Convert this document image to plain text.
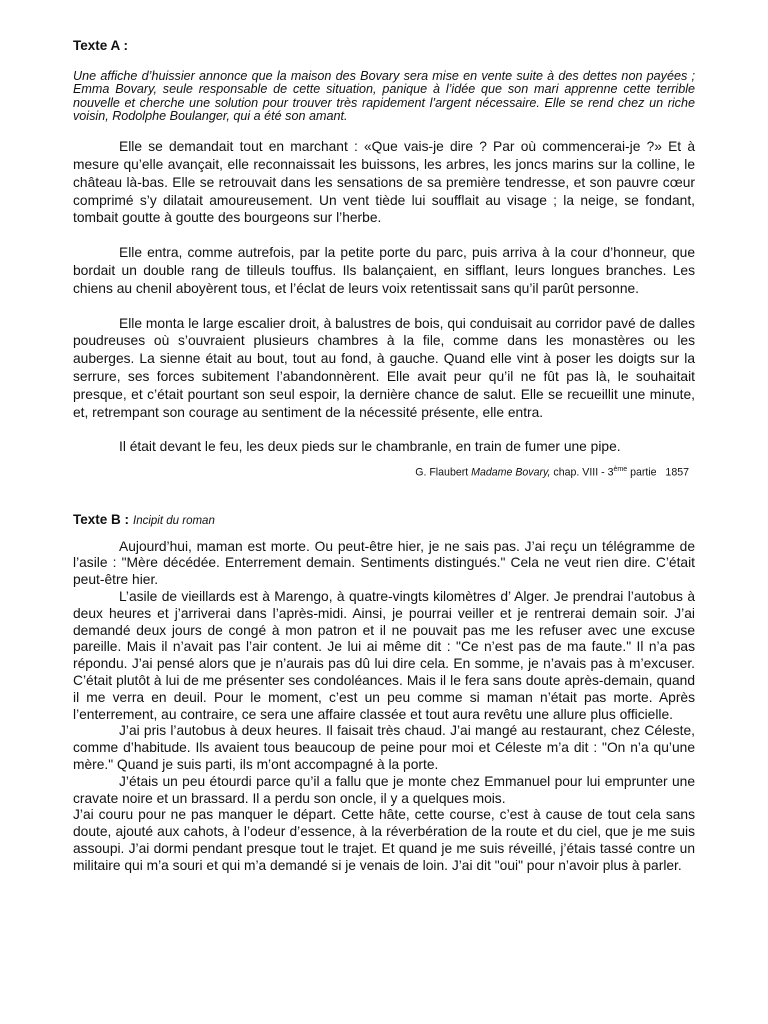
Texte A :

Une affiche d’huissier annonce que la maison des Bovary sera mise en vente suite à des dettes non payées ; Emma Bovary, seule responsable de cette situation, panique à l’idée que son mari apprenne cette terrible nouvelle et cherche une solution pour trouver très rapidement l’argent nécessaire. Elle se rend chez un riche voisin, Rodolphe Boulanger, qui a été son amant.

Elle se demandait tout en marchant : «Que vais-je dire ? Par où commencerai-je ?» Et à mesure qu’elle avançait, elle reconnaissait les buissons, les arbres, les joncs marins sur la colline, le château là-bas. Elle se retrouvait dans les sensations de sa première tendresse, et son pauvre cœur comprimé s’y dilatait amoureusement. Un vent tiède lui soufflait au visage ; la neige, se fondant, tombait goutte à goutte des bourgeons sur l’herbe.

Elle entra, comme autrefois, par la petite porte du parc, puis arriva à la cour d’honneur, que bordait un double rang de tilleuls touffus. Ils balançaient, en sifflant, leurs longues branches. Les chiens au chenil aboyèrent tous, et l’éclat de leurs voix retentissait sans qu’il parût personne.

Elle monta le large escalier droit, à balustres de bois, qui conduisait au corridor pavé de dalles poudreuses où s’ouvraient plusieurs chambres à la file, comme dans les monastères ou les auberges. La sienne était au bout, tout au fond, à gauche. Quand elle vint à poser les doigts sur la serrure, ses forces subitement l’abandonnèrent. Elle avait peur qu’il ne fût pas là, le souhaitait presque, et c’était pourtant son seul espoir, la dernière chance de salut. Elle se recueillit une minute, et, retrempant son courage au sentiment de la nécessité présente, elle entra.

Il était devant le feu, les deux pieds sur le chambranle, en train de fumer une pipe.

G. Flaubert Madame Bovary, chap. VIII - 3ème partie 1857

Texte B : Incipit du roman

Aujourd’hui, maman est morte. Ou peut-être hier, je ne sais pas. J’ai reçu un télégramme de l’asile : "Mère décédée. Enterrement demain. Sentiments distingués." Cela ne veut rien dire. C’était peut-être hier.

L’asile de vieillards est à Marengo, à quatre-vingts kilomètres d’ Alger. Je prendrai l’autobus à deux heures et j’arriverai dans l’après-midi. Ainsi, je pourrai veiller et je rentrerai demain soir. J’ai demandé deux jours de congé à mon patron et il ne pouvait pas me les refuser avec une excuse pareille. Mais il n’avait pas l’air content. Je lui ai même dit : "Ce n’est pas de ma faute." Il n’a pas répondu. J’ai pensé alors que je n’aurais pas dû lui dire cela. En somme, je n’avais pas à m’excuser. C’était plutôt à lui de me présenter ses condoléances. Mais il le fera sans doute après-demain, quand il me verra en deuil. Pour le moment, c’est un peu comme si maman n’était pas morte. Après l’enterrement, au contraire, ce sera une affaire classée et tout aura revêtu une allure plus officielle.

J’ai pris l’autobus à deux heures. Il faisait très chaud. J’ai mangé au restaurant, chez Céleste, comme d’habitude. Ils avaient tous beaucoup de peine pour moi et Céleste m’a dit : "On n’a qu’une mère." Quand je suis parti, ils m’ont accompagné à la porte.

J’étais un peu étourdi parce qu’il a fallu que je monte chez Emmanuel pour lui emprunter une cravate noire et un brassard. Il a perdu son oncle, il y a quelques mois.

J’ai couru pour ne pas manquer le départ. Cette hâte, cette course, c’est à cause de tout cela sans doute, ajouté aux cahots, à l’odeur d’essence, à la réverbération de la route et du ciel, que je me suis assoupi. J’ai dormi pendant presque tout le trajet. Et quand je me suis réveillé, j’étais tassé contre un militaire qui m’a souri et qui m’a demandé si je venais de loin. J’ai dit "oui" pour n’avoir plus à parler.
